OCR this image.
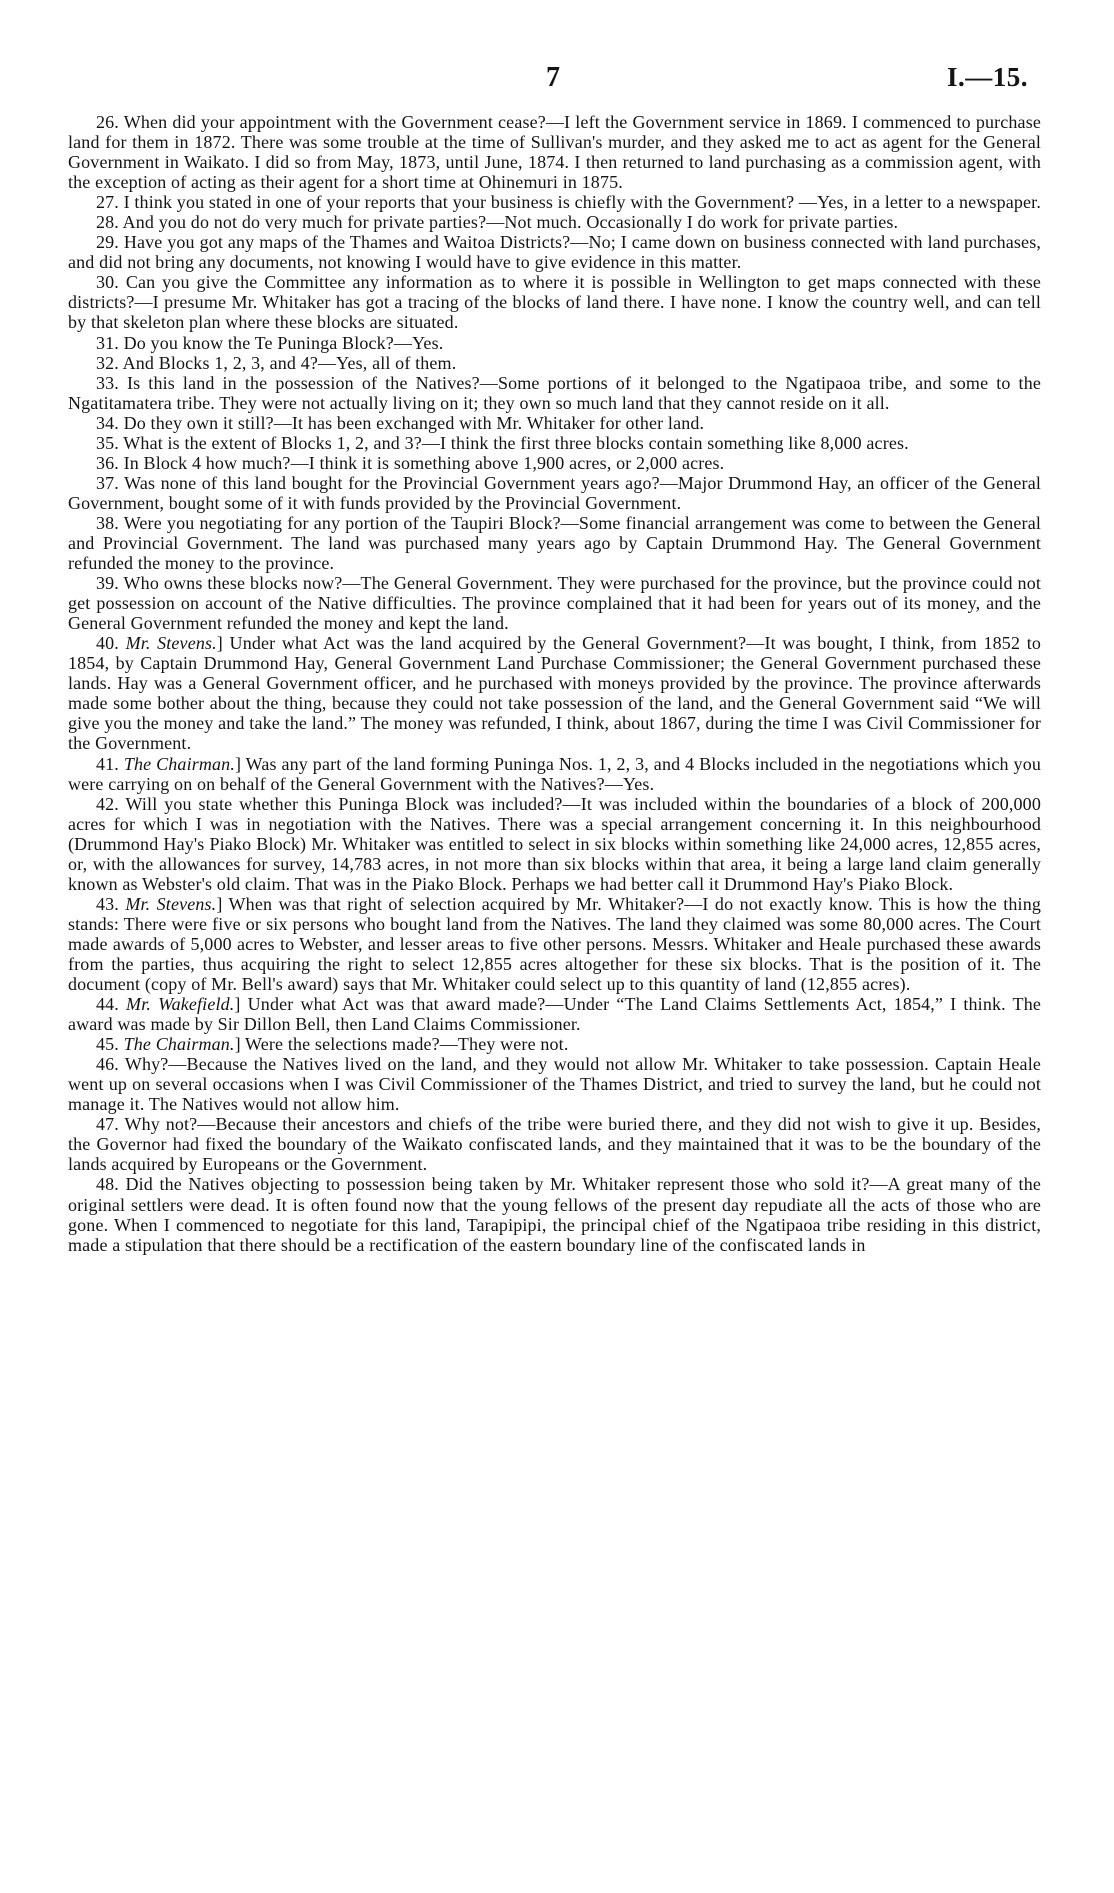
7	I.—15.

26. When did your appointment with the Government cease?—I left the Government service in 1869. I commenced to purchase land for them in 1872. There was some trouble at the time of Sullivan's murder, and they asked me to act as agent for the General Government in Waikato. I did so from May, 1873, until June, 1874. I then returned to land purchasing as a commission agent, with the exception of acting as their agent for a short time at Ohinemuri in 1875.

27. I think you stated in one of your reports that your business is chiefly with the Government? —Yes, in a letter to a newspaper.

28. And you do not do very much for private parties?—Not much. Occasionally I do work for private parties.

29. Have you got any maps of the Thames and Waitoa Districts?—No; I came down on business connected with land purchases, and did not bring any documents, not knowing I would have to give evidence in this matter.

30. Can you give the Committee any information as to where it is possible in Wellington to get maps connected with these districts?—I presume Mr. Whitaker has got a tracing of the blocks of land there. I have none. I know the country well, and can tell by that skeleton plan where these blocks are situated.

31. Do you know the Te Puninga Block?—Yes.

32. And Blocks 1, 2, 3, and 4?—Yes, all of them.

33. Is this land in the possession of the Natives?—Some portions of it belonged to the Ngatipaoa tribe, and some to the Ngatitamatera tribe. They were not actually living on it; they own so much land that they cannot reside on it all.

34. Do they own it still?—It has been exchanged with Mr. Whitaker for other land.

35. What is the extent of Blocks 1, 2, and 3?—I think the first three blocks contain something like 8,000 acres.

36. In Block 4 how much?—I think it is something above 1,900 acres, or 2,000 acres.

37. Was none of this land bought for the Provincial Government years ago?—Major Drummond Hay, an officer of the General Government, bought some of it with funds provided by the Provincial Government.

38. Were you negotiating for any portion of the Taupiri Block?—Some financial arrangement was come to between the General and Provincial Government. The land was purchased many years ago by Captain Drummond Hay. The General Government refunded the money to the province.

39. Who owns these blocks now?—The General Government. They were purchased for the province, but the province could not get possession on account of the Native difficulties. The province complained that it had been for years out of its money, and the General Government refunded the money and kept the land.

40. Mr. Stevens.] Under what Act was the land acquired by the General Government?—It was bought, I think, from 1852 to 1854, by Captain Drummond Hay, General Government Land Purchase Commissioner; the General Government purchased these lands. Hay was a General Government officer, and he purchased with moneys provided by the province. The province afterwards made some bother about the thing, because they could not take possession of the land, and the General Government said “We will give you the money and take the land.” The money was refunded, I think, about 1867, during the time I was Civil Commissioner for the Government.

41. The Chairman.] Was any part of the land forming Puninga Nos. 1, 2, 3, and 4 Blocks included in the negotiations which you were carrying on on behalf of the General Government with the Natives?—Yes.

42. Will you state whether this Puninga Block was included?—It was included within the boundaries of a block of 200,000 acres for which I was in negotiation with the Natives. There was a special arrangement concerning it. In this neighbourhood (Drummond Hay's Piako Block) Mr. Whitaker was entitled to select in six blocks within something like 24,000 acres, 12,855 acres, or, with the allowances for survey, 14,783 acres, in not more than six blocks within that area, it being a large land claim generally known as Webster's old claim. That was in the Piako Block. Perhaps we had better call it Drummond Hay's Piako Block.

43. Mr. Stevens.] When was that right of selection acquired by Mr. Whitaker?—I do not exactly know. This is how the thing stands: There were five or six persons who bought land from the Natives. The land they claimed was some 80,000 acres. The Court made awards of 5,000 acres to Webster, and lesser areas to five other persons. Messrs. Whitaker and Heale purchased these awards from the parties, thus acquiring the right to select 12,855 acres altogether for these six blocks. That is the position of it. The document (copy of Mr. Bell's award) says that Mr. Whitaker could select up to this quantity of land (12,855 acres).

44. Mr. Wakefield.] Under what Act was that award made?—Under “The Land Claims Settlements Act, 1854,” I think. The award was made by Sir Dillon Bell, then Land Claims Commissioner.

45. The Chairman.] Were the selections made?—They were not.

46. Why?—Because the Natives lived on the land, and they would not allow Mr. Whitaker to take possession. Captain Heale went up on several occasions when I was Civil Commissioner of the Thames District, and tried to survey the land, but he could not manage it. The Natives would not allow him.

47. Why not?—Because their ancestors and chiefs of the tribe were buried there, and they did not wish to give it up. Besides, the Governor had fixed the boundary of the Waikato confiscated lands, and they maintained that it was to be the boundary of the lands acquired by Europeans or the Government.

48. Did the Natives objecting to possession being taken by Mr. Whitaker represent those who sold it?—A great many of the original settlers were dead. It is often found now that the young fellows of the present day repudiate all the acts of those who are gone. When I commenced to negotiate for this land, Tarapipipi, the principal chief of the Ngatipaoa tribe residing in this district, made a stipulation that there should be a rectification of the eastern boundary line of the confiscated lands in
